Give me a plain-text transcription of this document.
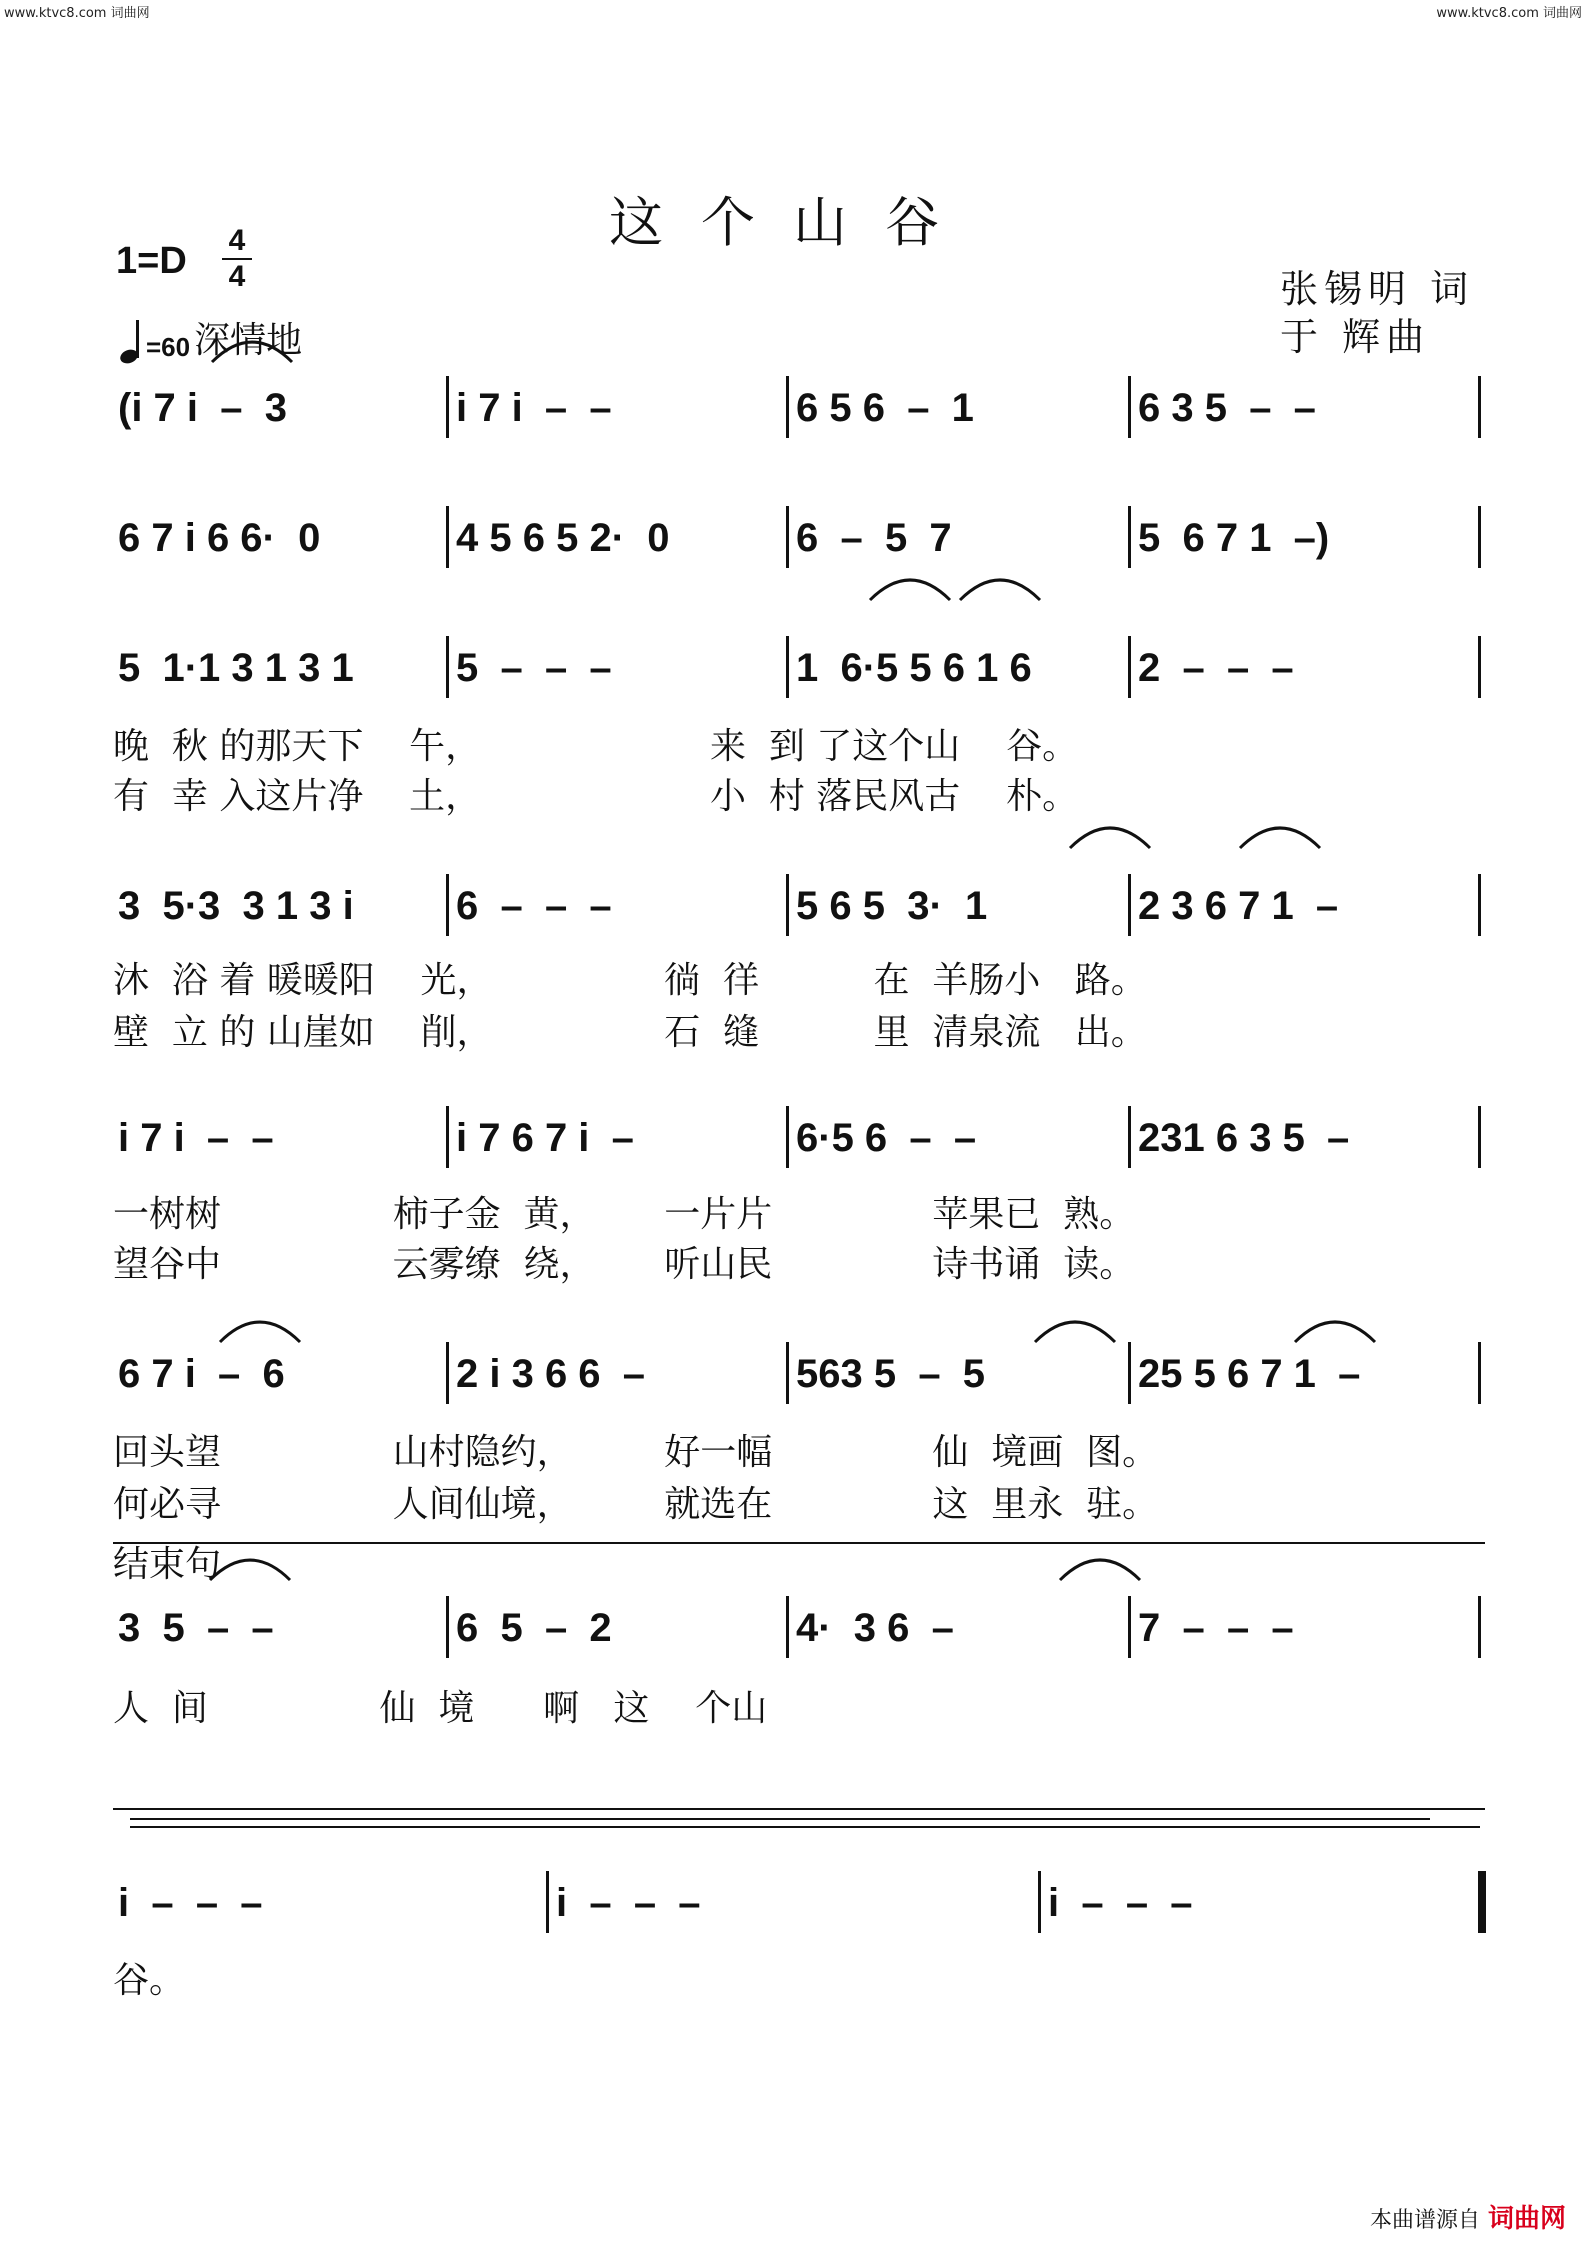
www.ktvc8.com 词曲网	www.ktvc8.com 词曲网
这个山谷
1=D 4
4
=60 深情地
张锡明 词
于 辉曲
(i 7 i  –  3	i 7 i  –  –	6 5 6  –  1	6 3 5  –  –
6 7 i 6 6·  0	4 5 6 5 2·  0	6  –  5  7	5  6 7 1  –)
5  1·1 3 1 3 1	5  –  –  –	1  6·5 5 6 1 6	2  –  –  –
3  5·3  3 1 3 i	6  –  –  –	5 6 5  3·  1	2 3 6 7 1  –
i 7 i  –  –	i 7 6 7 i  –	6·5 6  –  –	231 6 3 5  –
6 7 i  –  6	2 i 3 6 6  –	563 5  –  5	25 5 6 7 1  –
3  5  –  –	6  5  –  2	4·  3 6  –	7  –  –  –
i  –  –  –	i  –  –  –	i  –  –  –
晚  秋 的那天下    午，                    来  到 了这个山    谷。
有  幸 入这片净    土，                    小  村 落民风古    朴。
沐  浴 着 暖暖阳    光，               徜  徉          在  羊肠小   路。
壁  立 的 山崖如    削，               石  缝          里  清泉流   出。
一树树               柿子金  黄，      一片片              苹果已  熟。
望谷中               云雾缭  绕，      听山民              诗书诵  读。
回头望               山村隐约，        好一幅              仙  境画  图。
何必寻               人间仙境，        就选在              这  里永  驻。
人  间               仙  境      啊   这    个山
谷。
结束句
本曲谱源自 词曲网
